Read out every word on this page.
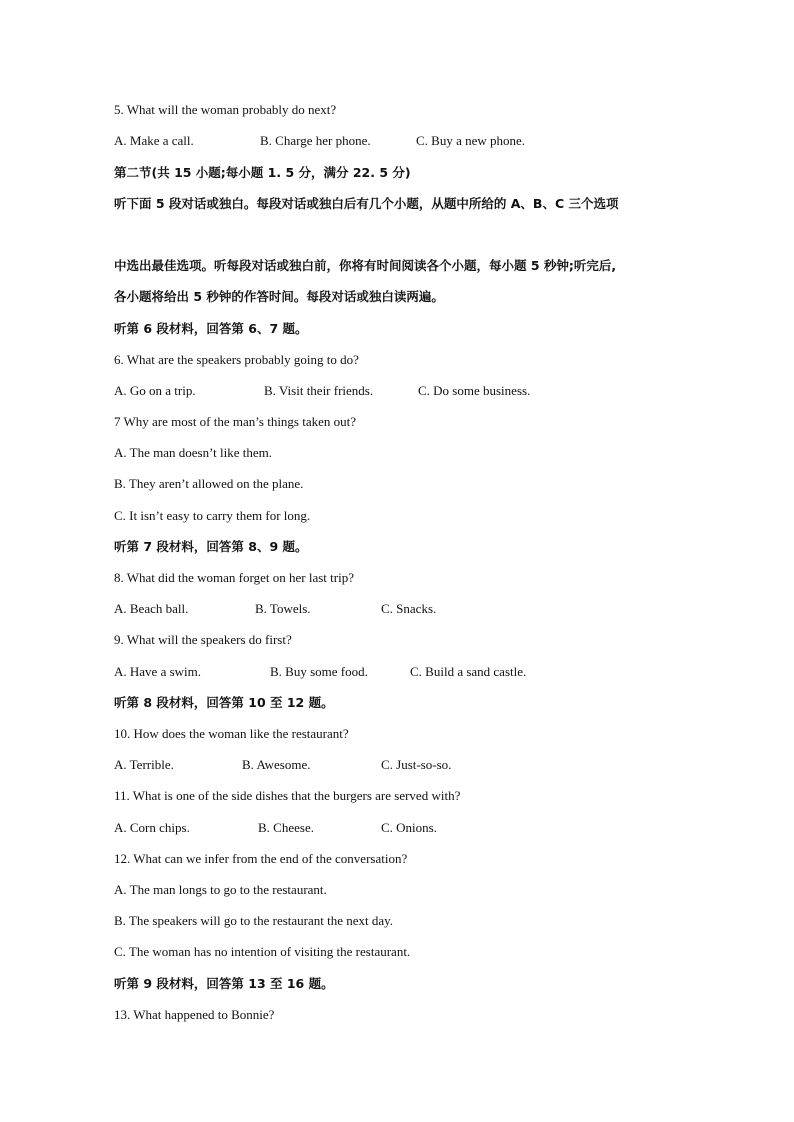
5. What will the woman probably do next?
A. Make a call.	B. Charge her phone.	C. Buy a new phone.
第二节(共 15 小题;每小题 1. 5 分，满分 22. 5 分)
听下面 5 段对话或独白。每段对话或独白后有几个小题，从题中所给的 A、B、C 三个选项
中选出最佳选项。听每段对话或独白前，你将有时间阅读各个小题，每小题 5 秒钟;听完后,
各小题将给出 5 秒钟的作答时间。每段对话或独白读两遍。
听第 6 段材料，回答第 6、7 题。
6. What are the speakers probably going to do?
A. Go on a trip.	B. Visit their friends.	C. Do some business.
7 Why are most of the man’s things taken out?
A. The man doesn’t like them.
B. They aren’t allowed on the plane.
C. It isn’t easy to carry them for long.
听第 7 段材料，回答第 8、9 题。
8. What did the woman forget on her last trip?
A. Beach ball.	B. Towels.	C. Snacks.
9. What will the speakers do first?
A. Have a swim.	B. Buy some food.	C. Build a sand castle.
听第 8 段材料，回答第 10 至 12 题。
10. How does the woman like the restaurant?
A. Terrible.	B. Awesome.	C. Just-so-so.
11. What is one of the side dishes that the burgers are served with?
A. Corn chips.	B. Cheese.	C. Onions.
12. What can we infer from the end of the conversation?
A. The man longs to go to the restaurant.
B. The speakers will go to the restaurant the next day.
C. The woman has no intention of visiting the restaurant.
听第 9 段材料，回答第 13 至 16 题。
13. What happened to Bonnie?
